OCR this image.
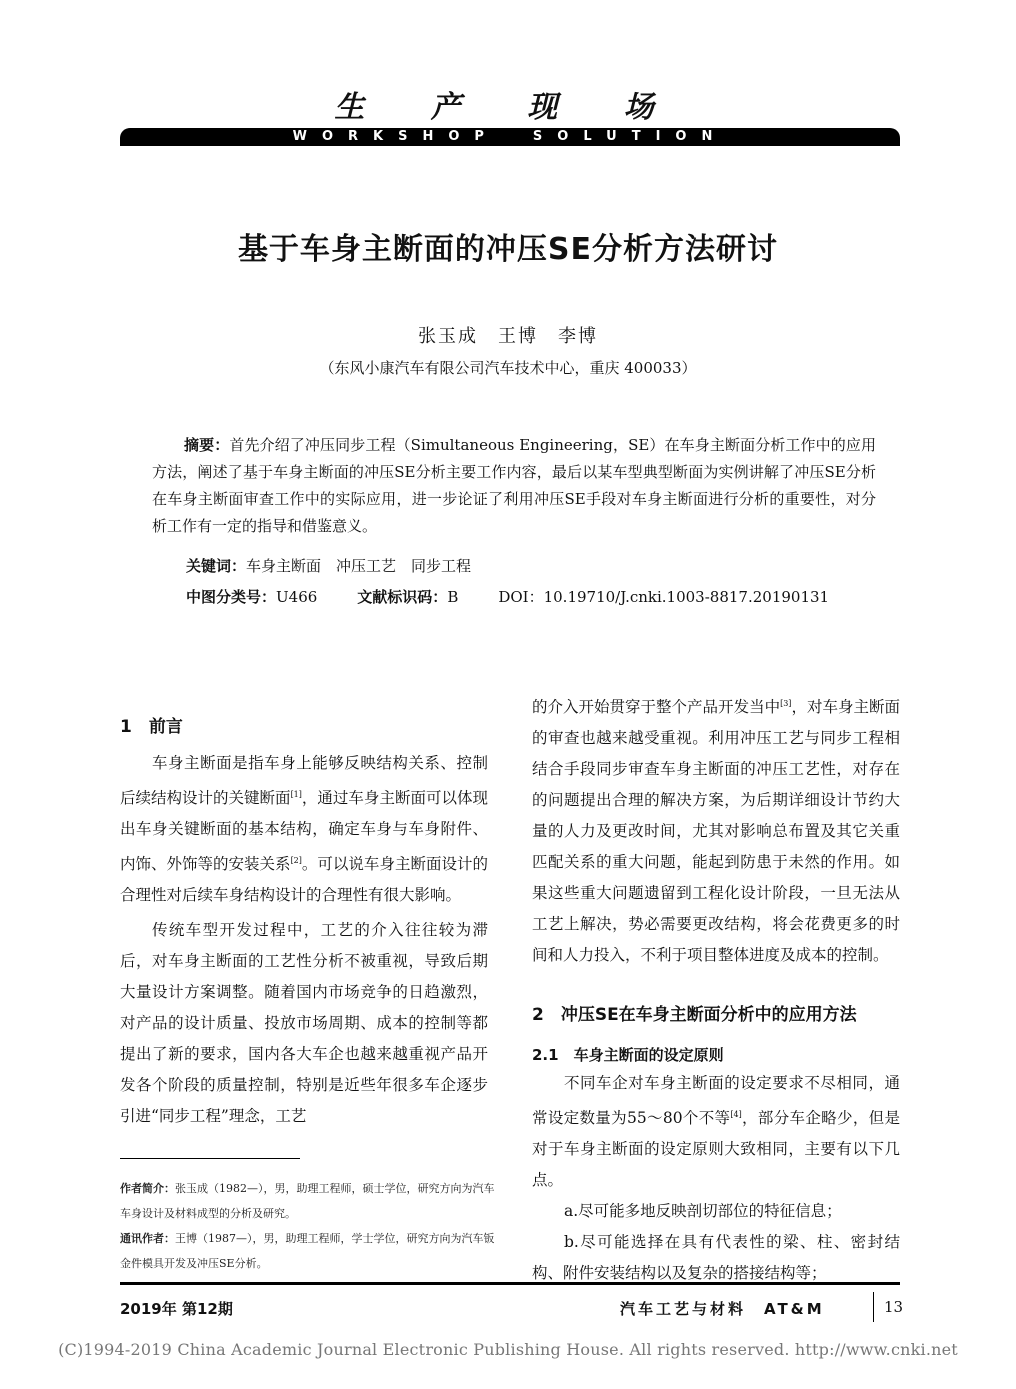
生 产 现 场
WORKSHOP	SOLUTION
基于车身主断面的冲压SE分析方法研讨
张玉成　王博　李博
（东风小康汽车有限公司汽车技术中心，重庆 400033）
摘要：首先介绍了冲压同步工程（Simultaneous Engineering，SE）在车身主断面分析工作中的应用方法，阐述了基于车身主断面的冲压SE分析主要工作内容，最后以某车型典型断面为实例讲解了冲压SE分析在车身主断面审查工作中的实际应用，进一步论证了利用冲压SE手段对车身主断面进行分析的重要性，对分析工作有一定的指导和借鉴意义。
关键词：车身主断面　冲压工艺　同步工程
中图分类号：U466	文献标识码：B	DOI：10.19710/J.cnki.1003-8817.20190131
1　前言

车身主断面是指车身上能够反映结构关系、控制后续结构设计的关键断面[1]，通过车身主断面可以体现出车身关键断面的基本结构，确定车身与车身附件、内饰、外饰等的安装关系[2]。可以说车身主断面设计的合理性对后续车身结构设计的合理性有很大影响。

传统车型开发过程中，工艺的介入往往较为滞后，对车身主断面的工艺性分析不被重视，导致后期大量设计方案调整。随着国内市场竞争的日趋激烈，对产品的设计质量、投放市场周期、成本的控制等都提出了新的要求，国内各大车企也越来越重视产品开发各个阶段的质量控制，特别是近些年很多车企逐步引进“同步工程”理念，工艺

作者简介：张玉成（1982—），男，助理工程师，硕士学位，研究方向为汽车车身设计及材料成型的分析及研究。
通讯作者：王博（1987—），男，助理工程师，学士学位，研究方向为汽车钣金件模具开发及冲压SE分析。

的介入开始贯穿于整个产品开发当中[3]，对车身主断面的审查也越来越受重视。利用冲压工艺与同步工程相结合手段同步审查车身主断面的冲压工艺性，对存在的问题提出合理的解决方案，为后期详细设计节约大量的人力及更改时间，尤其对影响总布置及其它关重匹配关系的重大问题，能起到防患于未然的作用。如果这些重大问题遗留到工程化设计阶段，一旦无法从工艺上解决，势必需要更改结构，将会花费更多的时间和人力投入，不利于项目整体进度及成本的控制。

2　冲压SE在车身主断面分析中的应用方法
2.1　车身主断面的设定原则

不同车企对车身主断面的设定要求不尽相同，通常设定数量为55～80个不等[4]，部分车企略少，但是对于车身主断面的设定原则大致相同，主要有以下几点。

a.尽可能多地反映剖切部位的特征信息；

b.尽可能选择在具有代表性的梁、柱、密封结构、附件安装结构以及复杂的搭接结构等；

2019年 第12期	汽车工艺与材料　AT&M	13
(C)1994-2019 China Academic Journal Electronic Publishing House. All rights reserved. http://www.cnki.net
